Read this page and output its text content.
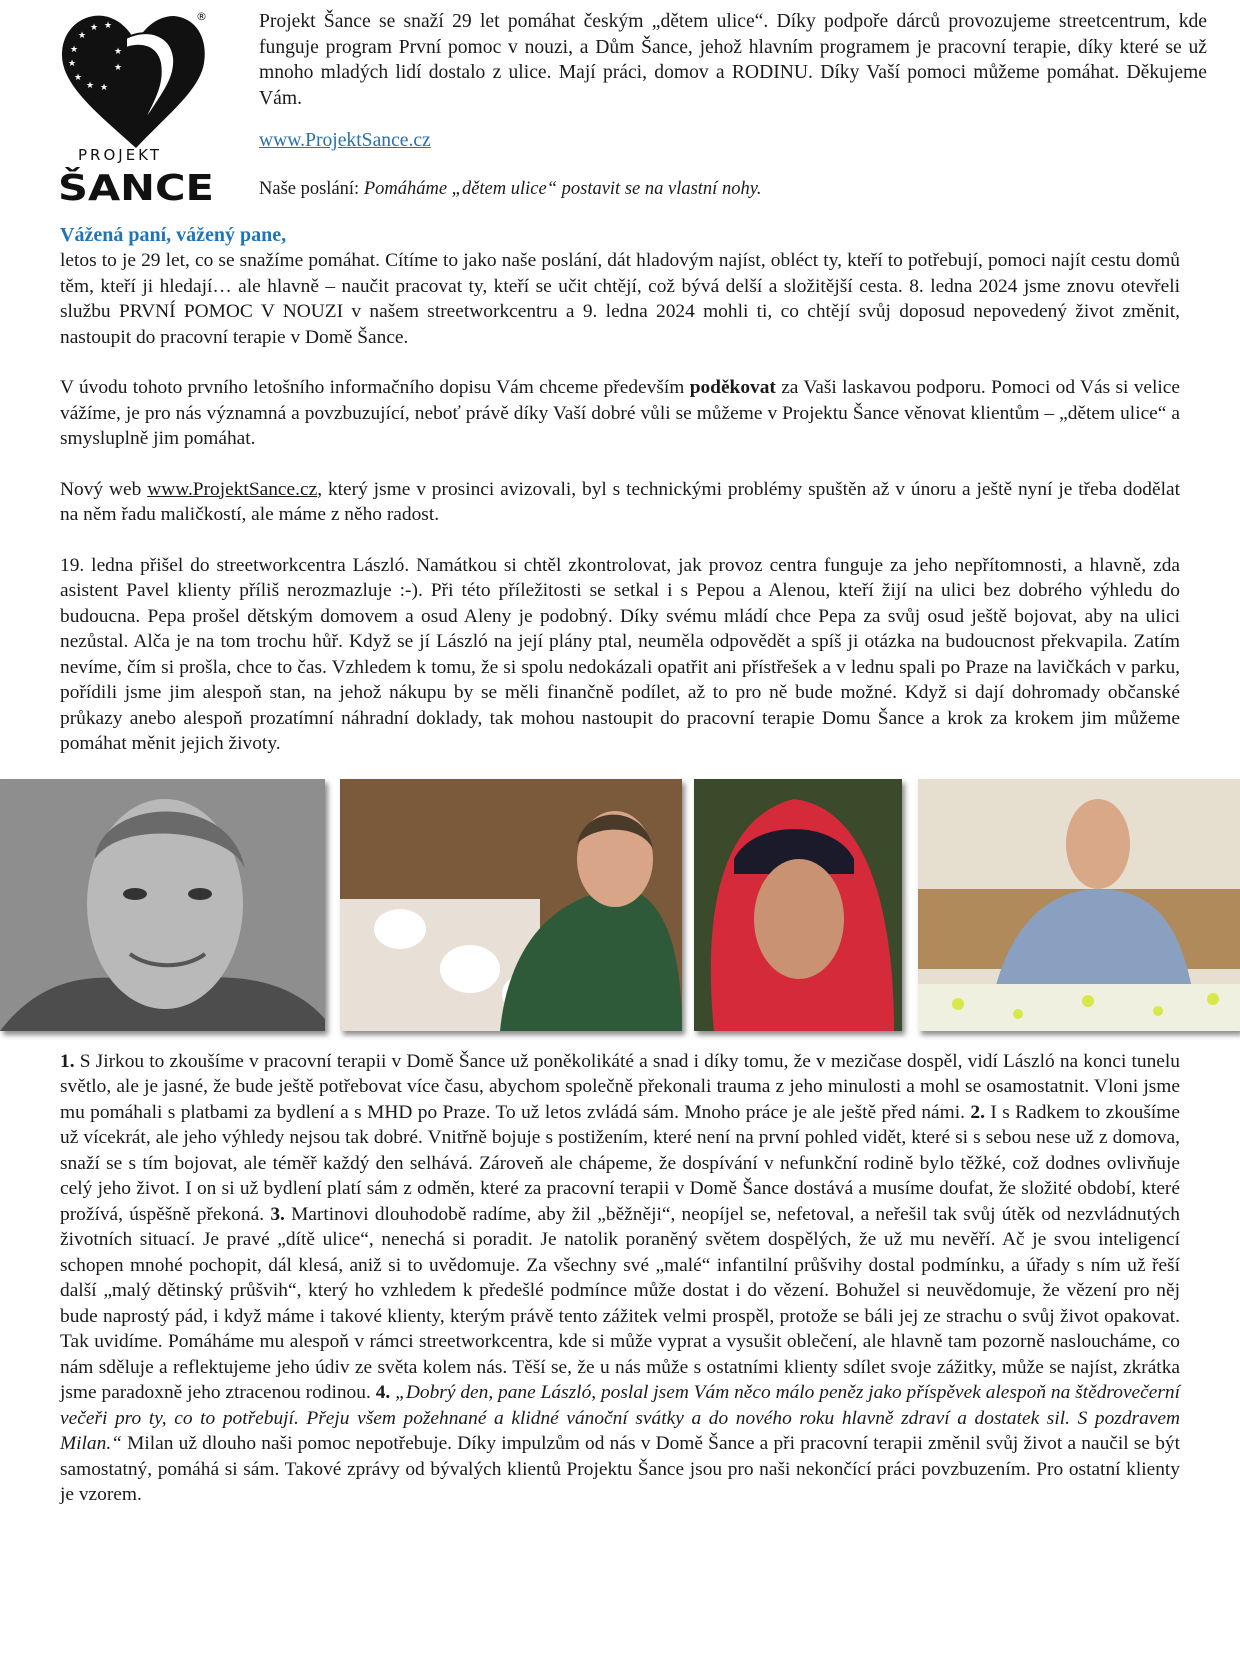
★
★ ★
★
★
★
★ ★
★
★
®
PROJEKT
ŠANCE

Projekt Šance se snaží 29 let pomáhat českým „dětem ulice“. Díky podpoře dárců provozujeme streetcentrum, kde funguje program První pomoc v nouzi, a Dům Šance, jehož hlavním programem je pracovní terapie, díky které se už mnoho mladých lidí dostalo z ulice. Mají práci, domov a RODINU. Díky Vaší pomoci můžeme pomáhat. Děkujeme Vám.

www.ProjektSance.cz
Naše poslání: Pomáháme „dětem ulice“ postavit se na vlastní nohy.

Vážená paní, vážený pane,

letos to je 29 let, co se snažíme pomáhat. Cítíme to jako naše poslání, dát hladovým najíst, obléct ty, kteří to potřebují, pomoci najít cestu domů těm, kteří ji hledají… ale hlavně – naučit pracovat ty, kteří se učit chtějí, což bývá delší a složitější cesta. 8. ledna 2024 jsme znovu otevřeli službu PRVNÍ POMOC V NOUZI v našem streetworkcentru a 9. ledna 2024 mohli ti, co chtějí svůj doposud nepovedený život změnit, nastoupit do pracovní terapie v Domě Šance.

V úvodu tohoto prvního letošního informačního dopisu Vám chceme především poděkovat za Vaši laskavou podporu. Pomoci od Vás si velice vážíme, je pro nás významná a povzbuzující, neboť právě díky Vaší dobré vůli se můžeme v Projektu Šance věnovat klientům – „dětem ulice“ a smysluplně jim pomáhat.

Nový web www.ProjektSance.cz, který jsme v prosinci avizovali, byl s technickými problémy spuštěn až v únoru a ještě nyní je třeba dodělat na něm řadu maličkostí, ale máme z něho radost.

19. ledna přišel do streetworkcentra László. Namátkou si chtěl zkontrolovat, jak provoz centra funguje za jeho nepřítomnosti, a hlavně, zda asistent Pavel klienty příliš nerozmazluje :-). Při této příležitosti se setkal i s Pepou a Alenou, kteří žijí na ulici bez dobrého výhledu do budoucna. Pepa prošel dětským domovem a osud Aleny je podobný. Díky svému mládí chce Pepa za svůj osud ještě bojovat, aby na ulici nezůstal. Alča je na tom trochu hůř. Když se jí László na její plány ptal, neuměla odpovědět a spíš ji otázka na budoucnost překvapila. Zatím nevíme, čím si prošla, chce to čas. Vzhledem k tomu, že si spolu nedokázali opatřit ani přístřešek a v lednu spali po Praze na lavičkách v parku, pořídili jsme jim alespoň stan, na jehož nákupu by se měli finančně podílet, až to pro ně bude možné. Když si dají dohromady občanské průkazy anebo alespoň prozatímní náhradní doklady, tak mohou nastoupit do pracovní terapie Domu Šance a krok za krokem jim můžeme pomáhat měnit jejich životy.

1. S Jirkou to zkoušíme v pracovní terapii v Domě Šance už poněkolikáté a snad i díky tomu, že v mezičase dospěl, vidí László na konci tunelu světlo, ale je jasné, že bude ještě potřebovat více času, abychom společně překonali trauma z jeho minulosti a mohl se osamostatnit. Vloni jsme mu pomáhali s platbami za bydlení a s MHD po Praze. To už letos zvládá sám. Mnoho práce je ale ještě před námi. 2. I s Radkem to zkoušíme už vícekrát, ale jeho výhledy nejsou tak dobré. Vnitřně bojuje s postižením, které není na první pohled vidět, které si s sebou nese už z domova, snaží se s tím bojovat, ale téměř každý den selhává. Zároveň ale chápeme, že dospívání v nefunkční rodině bylo těžké, což dodnes ovlivňuje celý jeho život. I on si už bydlení platí sám z odměn, které za pracovní terapii v Domě Šance dostává a musíme doufat, že složité období, které prožívá, úspěšně překoná. 3. Martinovi dlouhodobě radíme, aby žil „běžněji“, neopíjel se, nefetoval, a neřešil tak svůj útěk od nezvládnutých životních situací. Je pravé „dítě ulice“, nenechá si poradit. Je natolik poraněný světem dospělých, že už mu nevěří. Ač je svou inteligencí schopen mnohé pochopit, dál klesá, aniž si to uvědomuje. Za všechny své „malé“ infantilní průšvihy dostal podmínku, a úřady s ním už řeší další „malý dětinský průšvih“, který ho vzhledem k předešlé podmínce může dostat i do vězení. Bohužel si neuvědomuje, že vězení pro něj bude naprostý pád, i když máme i takové klienty, kterým právě tento zážitek velmi prospěl, protože se báli jej ze strachu o svůj život opakovat. Tak uvidíme. Pomáháme mu alespoň v rámci streetworkcentra, kde si může vyprat a vysušit oblečení, ale hlavně tam pozorně nasloucháme, co nám sděluje a reflektujeme jeho údiv ze světa kolem nás. Těší se, že u nás může s ostatními klienty sdílet svoje zážitky, může se najíst, zkrátka jsme paradoxně jeho ztracenou rodinou. 4. „Dobrý den, pane László, poslal jsem Vám něco málo peněz jako příspěvek alespoň na štědrovečerní večeři pro ty, co to potřebují. Přeju všem požehnané a klidné vánoční svátky a do nového roku hlavně zdraví a dostatek sil. S pozdravem Milan.“ Milan už dlouho naši pomoc nepotřebuje. Díky impulzům od nás v Domě Šance a při pracovní terapii změnil svůj život a naučil se být samostatný, pomáhá si sám. Takové zprávy od bývalých klientů Projektu Šance jsou pro naši nekončící práci povzbuzením. Pro ostatní klienty je vzorem.
